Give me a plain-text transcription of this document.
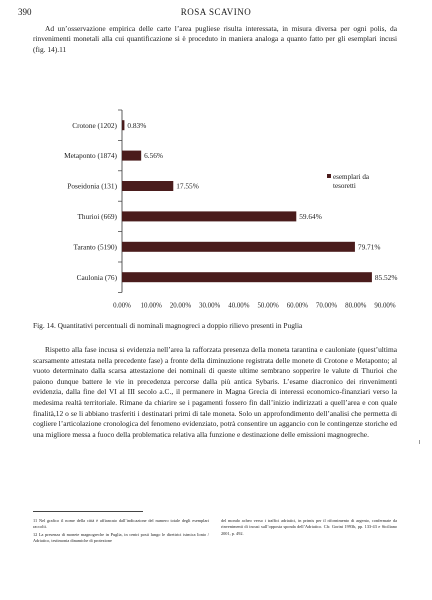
390	ROSA SCAVINO

Ad un’osservazione empirica delle carte l’area pugliese risulta interessata, in misura diversa per ogni polis, da rinvenimenti monetali alla cui quantificazione si è proceduto in maniera analoga a quanto fatto per gli esemplari incusi (fig. 14).11

Crotone (1202) 0.83%
Metaponto (1874)	6.56%
Poseidonia (131)	17.55%
Thurioi (669)	59.64%
Taranto (5190)	79.71%
Caulonia (76)	85.52%
0.00% 10.00% 20.00% 30.00% 40.00% 50.00% 60.00% 70.00% 80.00% 90.00%
esemplari da
tesoretti
Fig. 14. Quantitativi percentuali di nominali magnogreci a doppio rilievo presenti in Puglia

Rispetto alla fase incusa si evidenzia nell’area la rafforzata presenza della moneta tarantina e cauloniate (quest’ultima scarsamente attestata nella precedente fase) a fronte della diminuzione registrata delle monete di Crotone e Metaponto; al vuoto determinato dalla scarsa attestazione dei nominali di queste ultime sembrano sopperire le valute di Thurioi che paiono dunque battere le vie in precedenza percorse dalla più antica Sybaris. L’esame diacronico dei rinvenimenti evidenzia, dalla fine del VI al III secolo a.C., il permanere in Magna Grecia di interessi economico-finanziari verso la medesima realtà territoriale. Rimane da chiarire se i pagamenti fossero fin dall’inizio indirizzati a quell’area e con quale finalità,12 o se li abbiano trasferiti i destinatari primi di tale moneta. Solo un approfondimento dell’analisi che permetta di cogliere l’articolazione cronologica del fenomeno evidenziato, potrà consentire un aggancio con le contingenze storiche ed una migliore messa a fuoco della problematica relativa alla funzione e destinazione delle emissioni magnogreche.

11 Nel grafico il nome della città è affiancato dall’indicazione del numero totale degli esemplari raccolti.

12 La presenza di monete magnogreche in Puglia, in centri posti lungo le direttrici istmica Ionio / Adriatico, testimonia dinamiche di protezione

del mondo acheo verso i traffici adriatici, in primis per il rifornimento di argento, confermate da rinvenimenti di incusi sull’opposta sponda dell’Adriatico. Cfr. Gorini 1993b, pp. 133-43 e Siciliano 2001, p. 492.
